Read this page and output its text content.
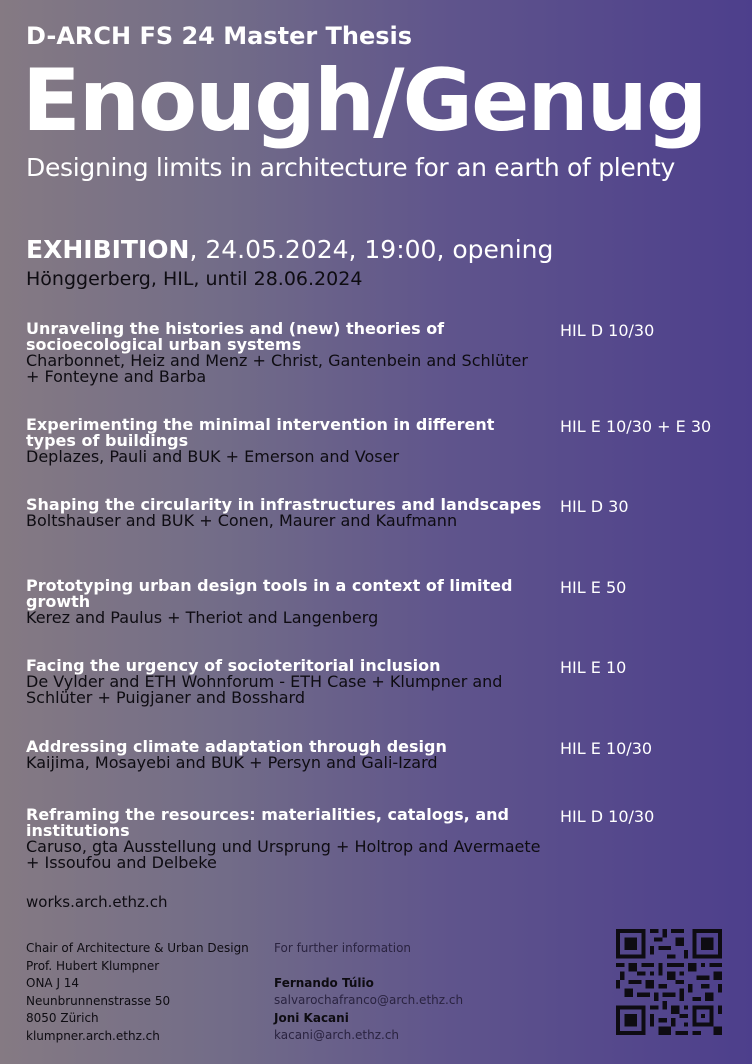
D-ARCH FS 24 Master Thesis
Enough/Genug
Designing limits in architecture for an earth of plenty
EXHIBITION, 24.05.2024, 19:00, opening
Hönggerberg, HIL, until 28.06.2024
Unraveling the histories and (new) theories of socioecological urban systems
Charbonnet, Heiz and Menz + Christ, Gantenbein and Schlüter + Fonteyne and Barba
HIL D 10/30
Experimenting the minimal intervention in different types of buildings
Deplazes, Pauli and BUK + Emerson and Voser
HIL E 10/30 + E 30
Shaping the circularity in infrastructures and landscapes
Boltshauser and BUK + Conen, Maurer and Kaufmann
HIL D 30
Prototyping urban design tools in a context of limited growth
Kerez and Paulus + Theriot and Langenberg
HIL E 50
Facing the urgency of socioteritorial inclusion
De Vylder and ETH Wohnforum - ETH Case + Klumpner and Schlüter + Puigjaner and Bosshard
HIL E 10
Addressing climate adaptation through design
Kaijima, Mosayebi and BUK + Persyn and Gali-Izard
HIL E 10/30
Reframing the resources: materialities, catalogs, and institutions
Caruso, gta Ausstellung und Ursprung + Holtrop and Avermaete + Issoufou and Delbeke
HIL D 10/30
works.arch.ethz.ch
Chair of Architecture & Urban Design
Prof. Hubert Klumpner
ONA J 14
Neunbrunnenstrasse 50
8050 Zürich
klumpner.arch.ethz.ch
For further information
Fernando Túlio
salvarochafranco@arch.ethz.ch
Joni Kacani
kacani@arch.ethz.ch
